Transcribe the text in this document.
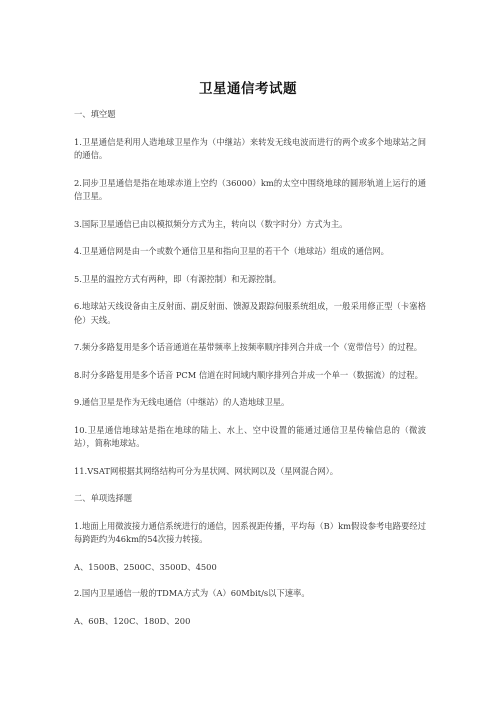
卫星通信考试题
一、填空题
1.卫星通信是利用人造地球卫星作为（中继站）来转发无线电波而进行的两个或多个地球站之间的通信。
2.同步卫星通信是指在地球赤道上空约（36000）km的太空中围绕地球的圆形轨道上运行的通信卫星。
3.国际卫星通信已由以模拟频分方式为主，转向以（数字时分）方式为主。
4.卫星通信网是由一个或数个通信卫星和指向卫星的若干个（地球站）组成的通信网。
5.卫星的温控方式有两种，即（有源控制）和无源控制。
6.地球站天线设备由主反射面、副反射面、馈源及跟踪伺服系统组成，一般采用修正型（卡塞格伦）天线。
7.频分多路复用是多个话音通道在基带频率上按频率顺序排列合并成一个（宽带信号）的过程。
8.时分多路复用是多个话音 PCM 信道在时间域内顺序排列合并成一个单一（数据流）的过程。
9.通信卫星是作为无线电通信（中继站）的人造地球卫星。
10.卫星通信地球站是指在地球的陆上、水上、空中设置的能通过通信卫星传输信息的（微波站），简称地球站。
11.VSAT网根据其网络结构可分为星状网、网状网以及（星网混合网）。
二、单项选择题
1.地面上用微波接力通信系统进行的通信，因系视距传播，平均每（B）km假设参考电路要经过每跨距约为46km的54次接力转接。
A、1500B、2500C、3500D、4500
2.国内卫星通信一般的TDMA方式为（A）60Mbit/s以下速率。
A、60B、120C、180D、200
